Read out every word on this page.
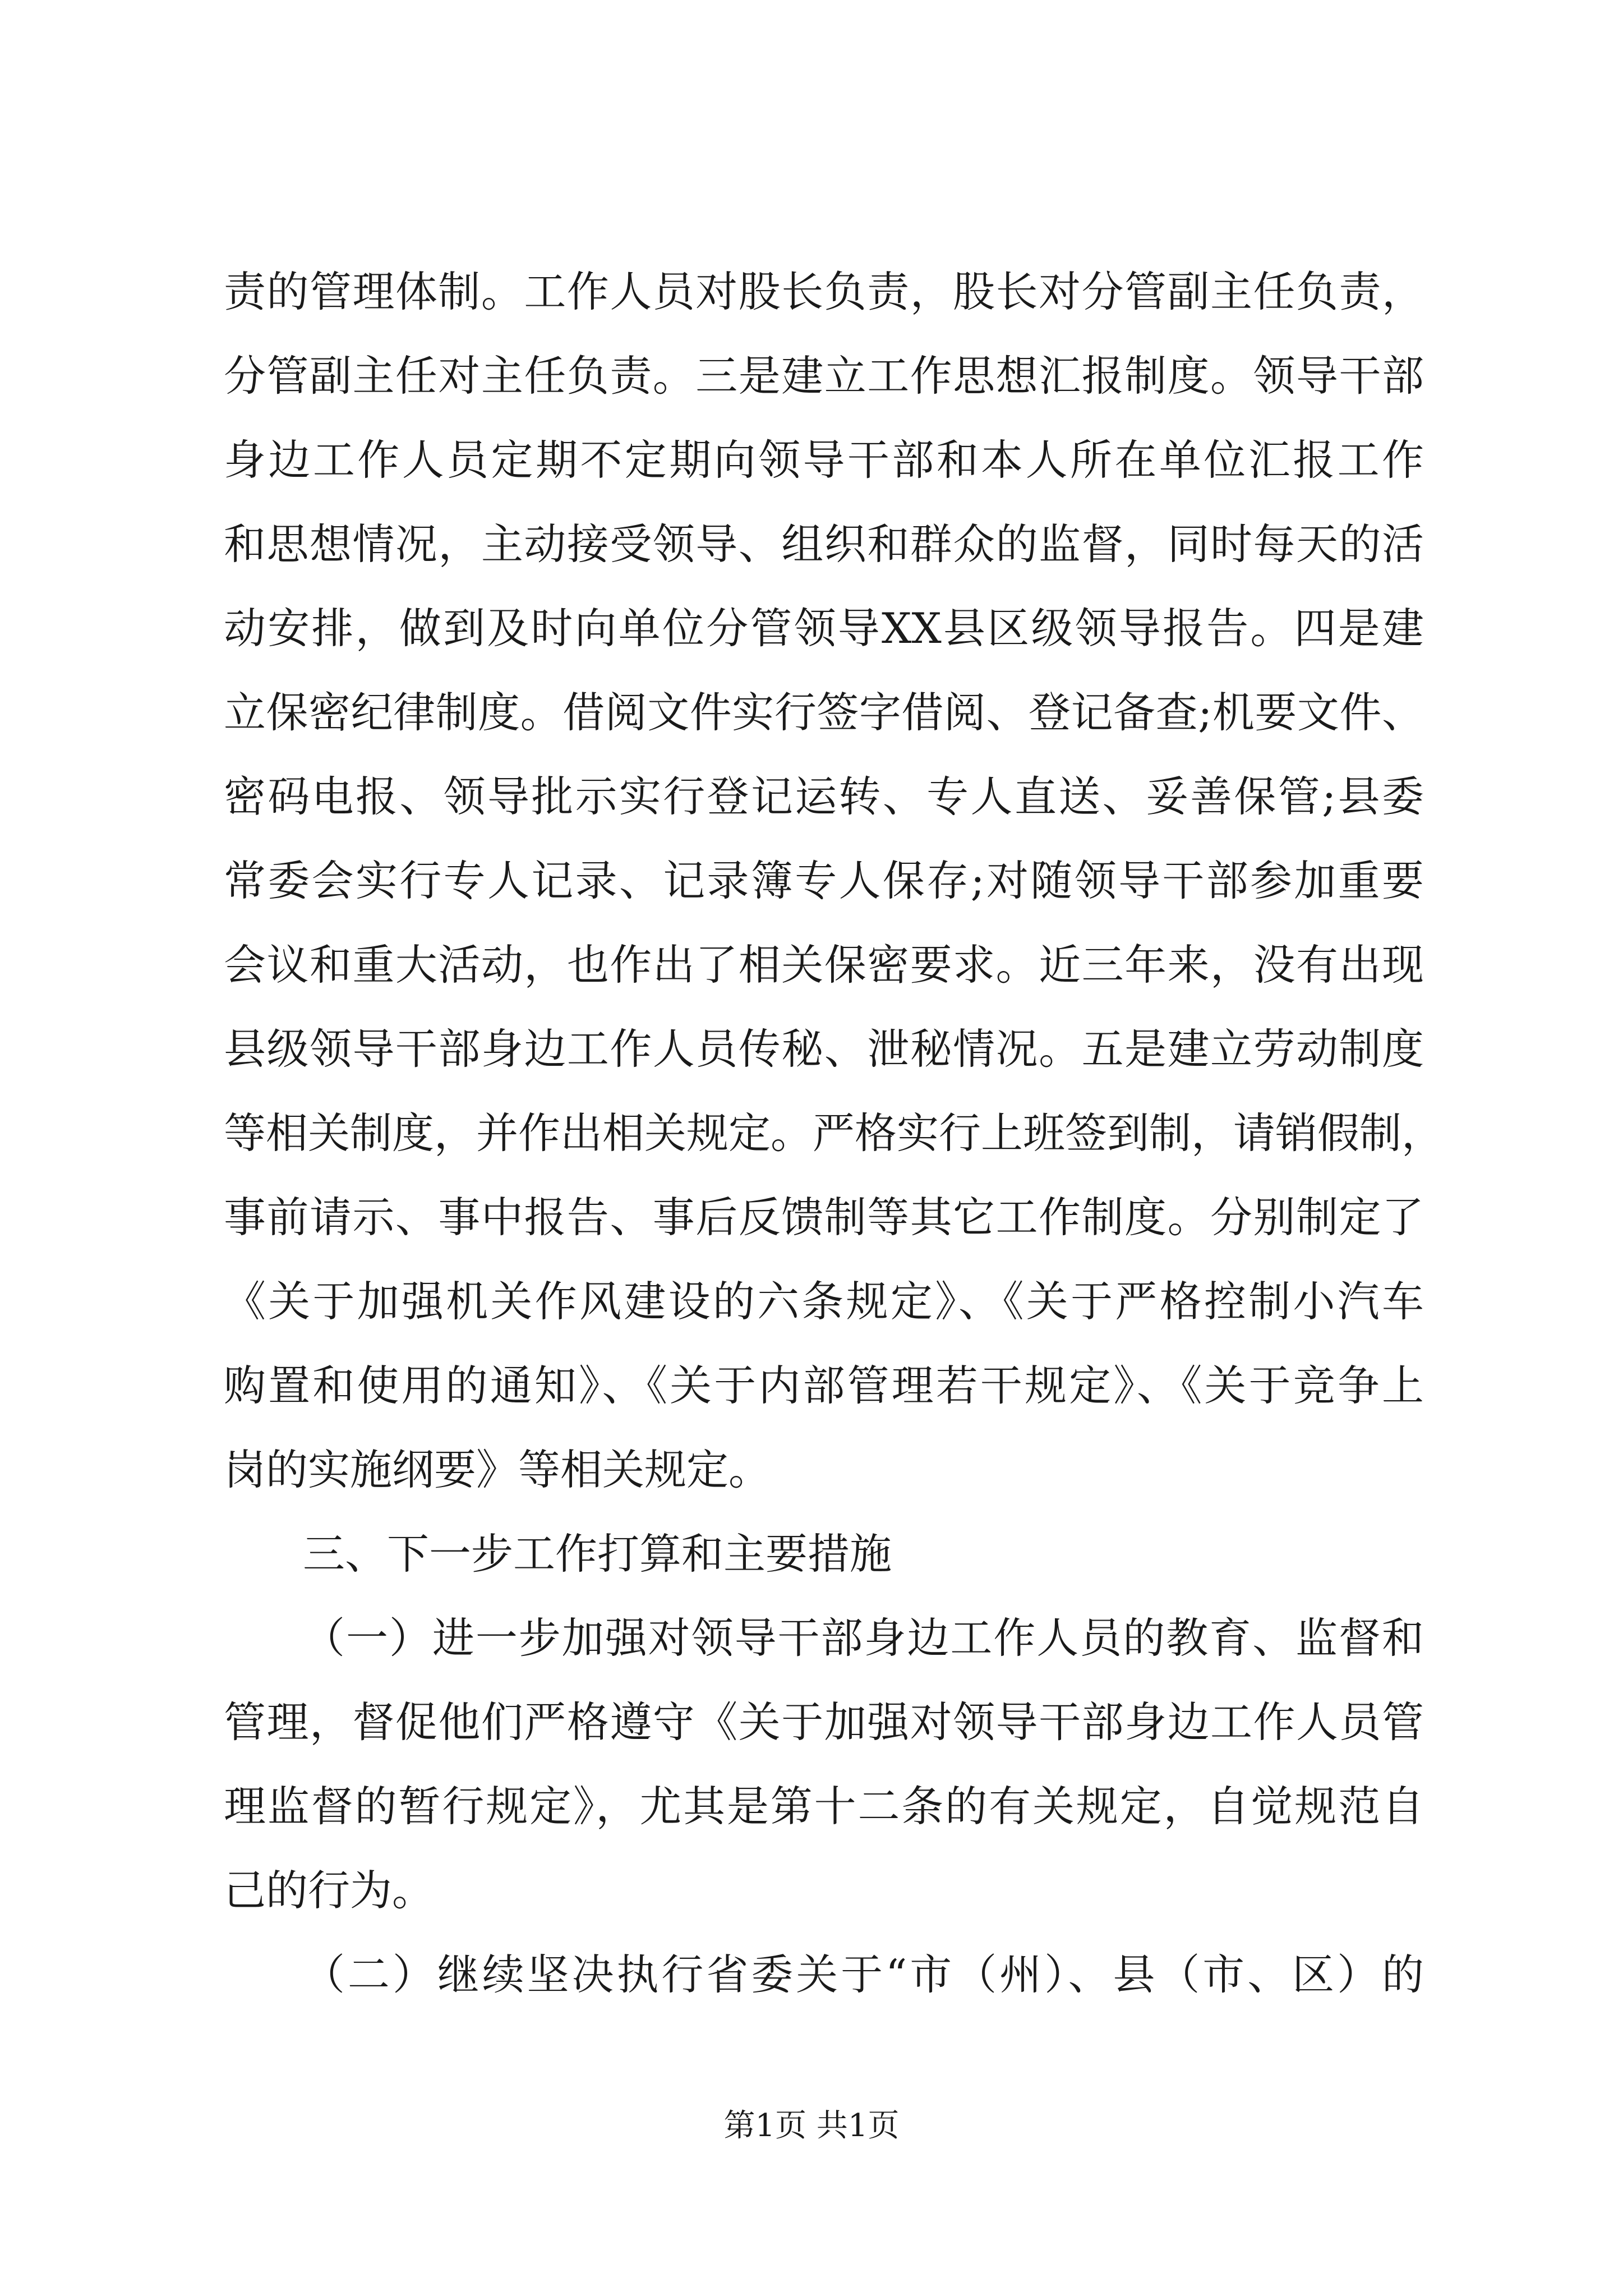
责的管理体制。工作人员对股长负责，股长对分管副主任负责，
分管副主任对主任负责。三是建立工作思想汇报制度。领导干部
身边工作人员定期不定期向领导干部和本人所在单位汇报工作
和思想情况，主动接受领导、组织和群众的监督，同时每天的活
动安排，做到及时向单位分管领导XX县区级领导报告。四是建
立保密纪律制度。借阅文件实行签字借阅、登记备查;机要文件、
密码电报、领导批示实行登记运转、专人直送、妥善保管;县委
常委会实行专人记录、记录簿专人保存;对随领导干部参加重要
会议和重大活动，也作出了相关保密要求。近三年来，没有出现
县级领导干部身边工作人员传秘、泄秘情况。五是建立劳动制度
等相关制度，并作出相关规定。严格实行上班签到制，请销假制，
事前请示、事中报告、事后反馈制等其它工作制度。分别制定了
《关于加强机关作风建设的六条规定》、《关于严格控制小汽车
购置和使用的通知》、《关于内部管理若干规定》、《关于竞争上
岗的实施纲要》等相关规定。
三、下一步工作打算和主要措施
（一）进一步加强对领导干部身边工作人员的教育、监督和
管理，督促他们严格遵守《关于加强对领导干部身边工作人员管
理监督的暂行规定》，尤其是第十二条的有关规定，自觉规范自
己的行为。
（二）继续坚决执行省委关于“市（州）、县（市、区）的
第1页 共1页
